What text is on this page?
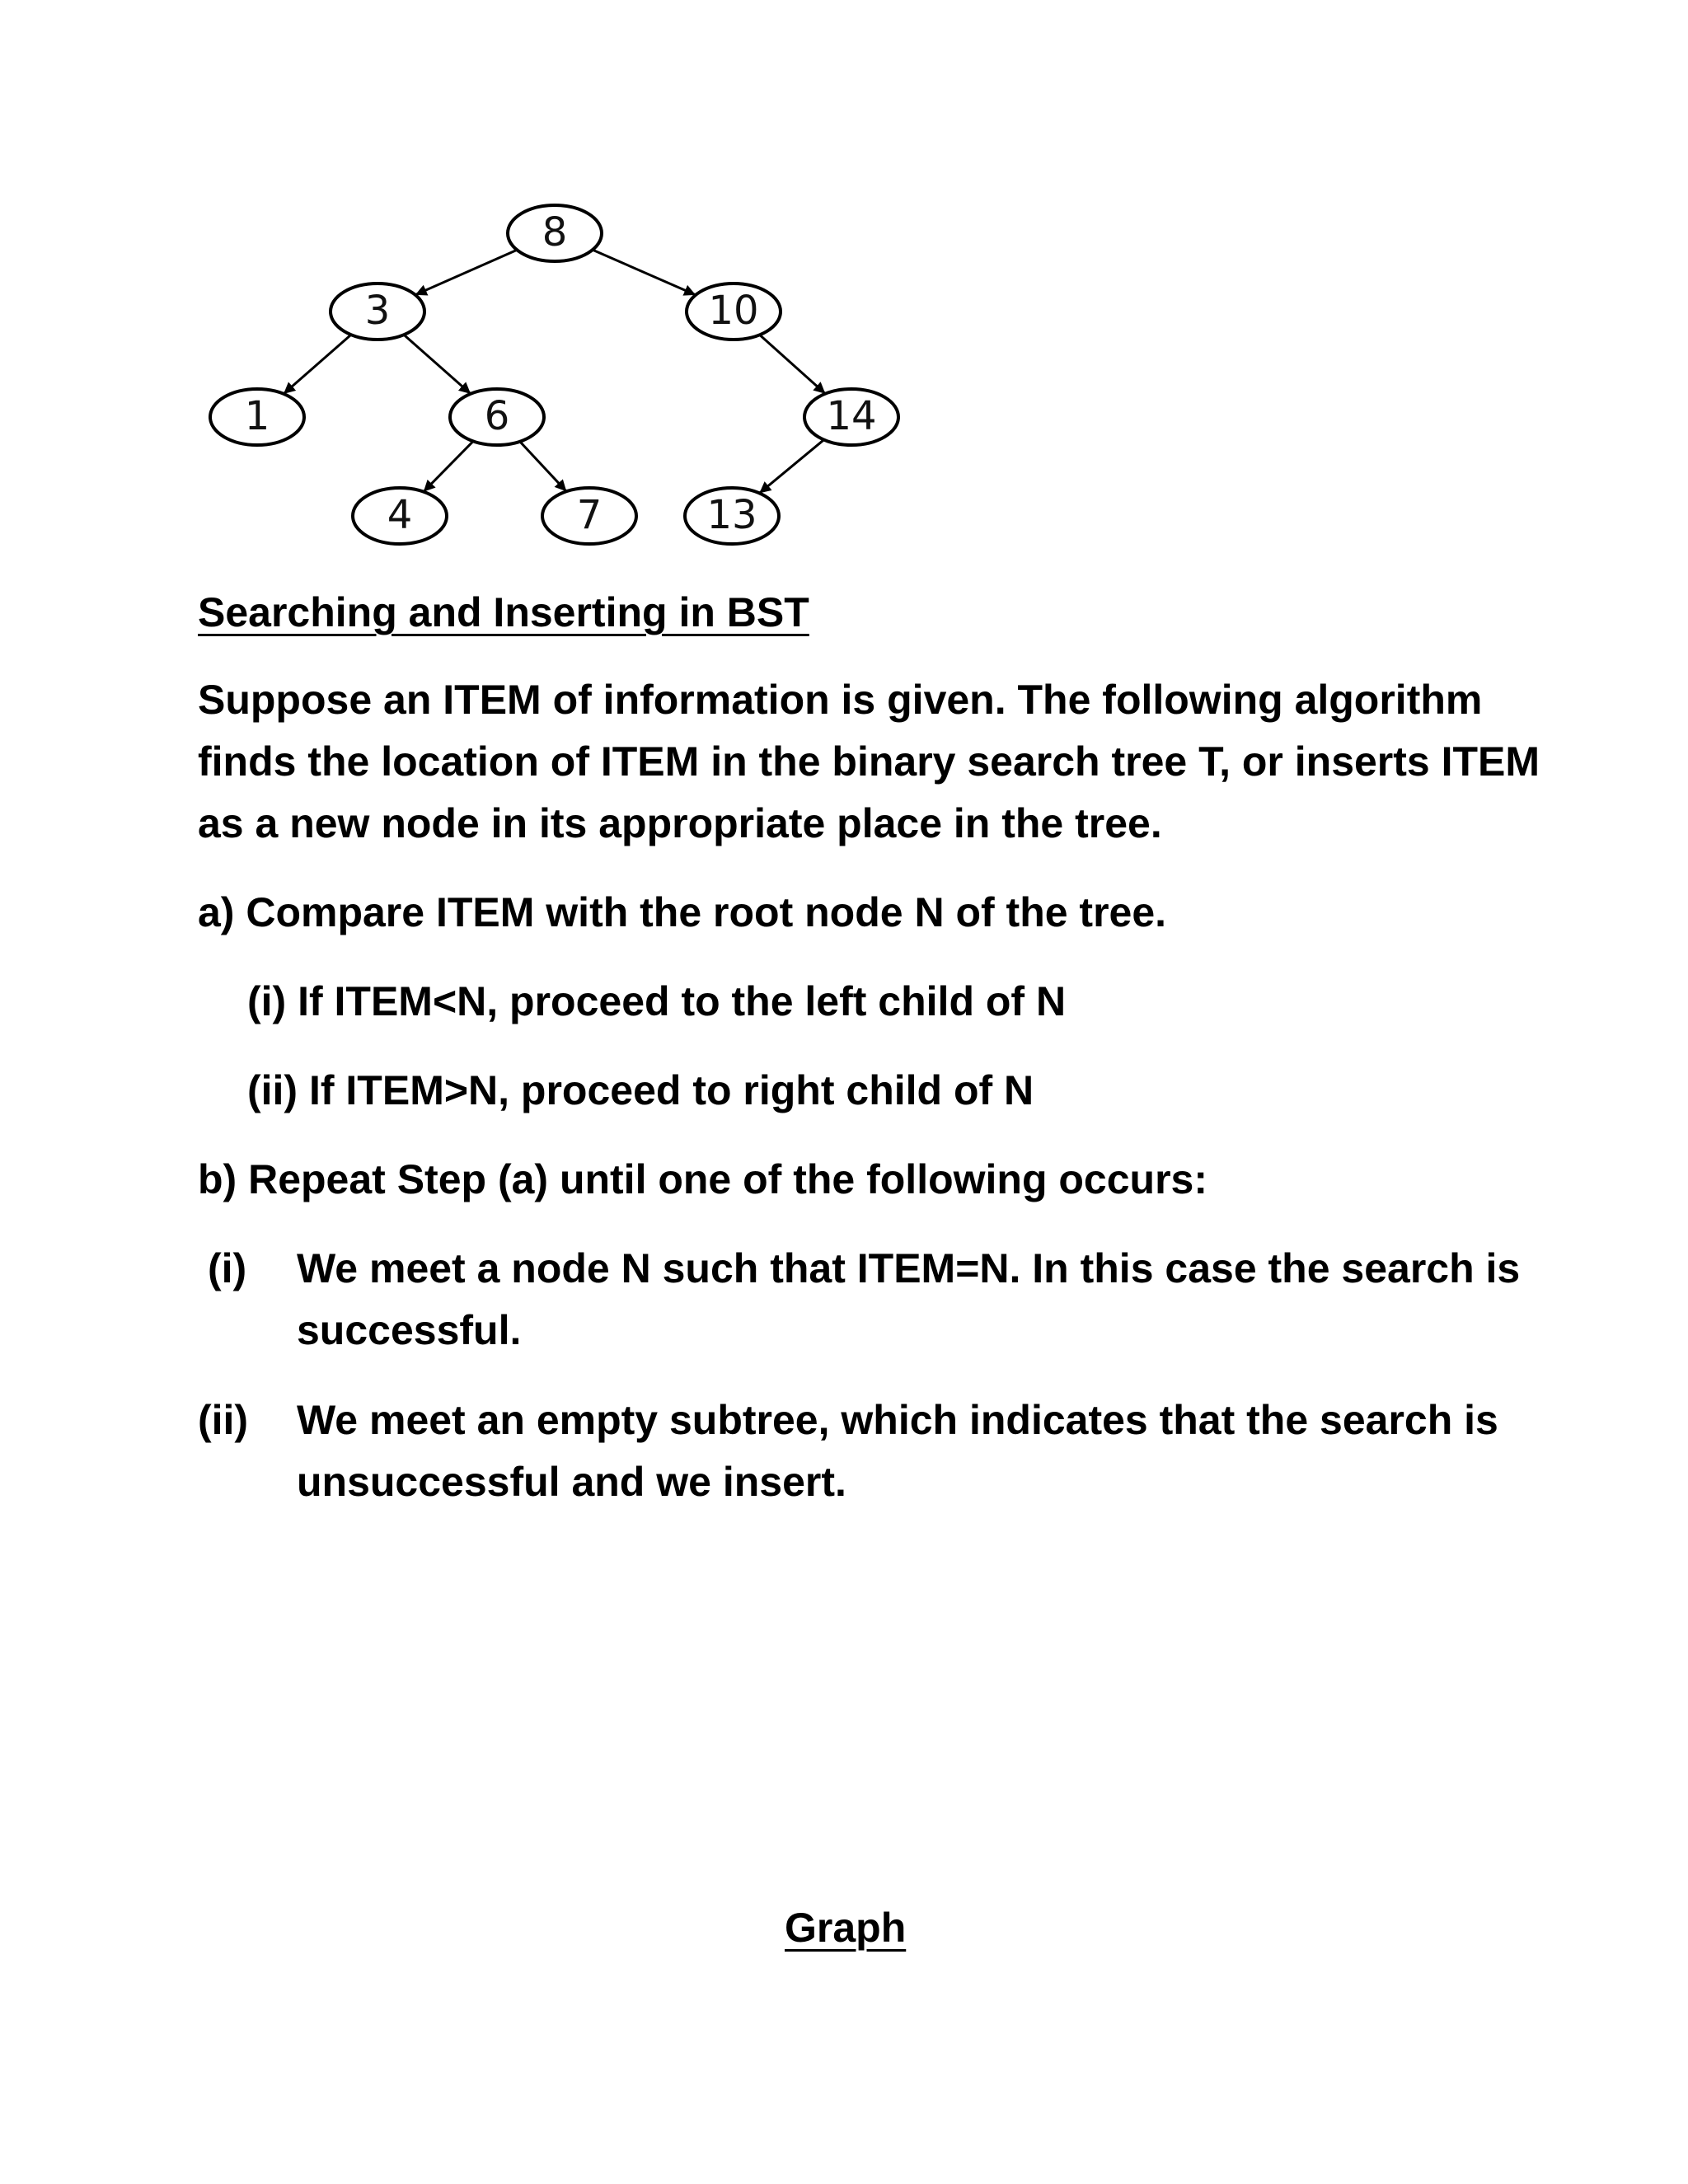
8
3	10
1	6	14
4	7	13
Searching and Inserting in BST
Suppose an ITEM of information is given. The following algorithm
finds the location of ITEM in the binary search tree T, or inserts ITEM
as a new node in its appropriate place in the tree.
a) Compare ITEM with the root node N of the tree.
(i) If ITEM<N, proceed to the left child of N
(ii) If ITEM>N, proceed to right child of N
b) Repeat Step (a) until one of the following occurs:
(i) We meet a node N such that ITEM=N. In this case the search is
successful.
(ii) We meet an empty subtree, which indicates that the search is
unsuccessful and we insert.
Graph
